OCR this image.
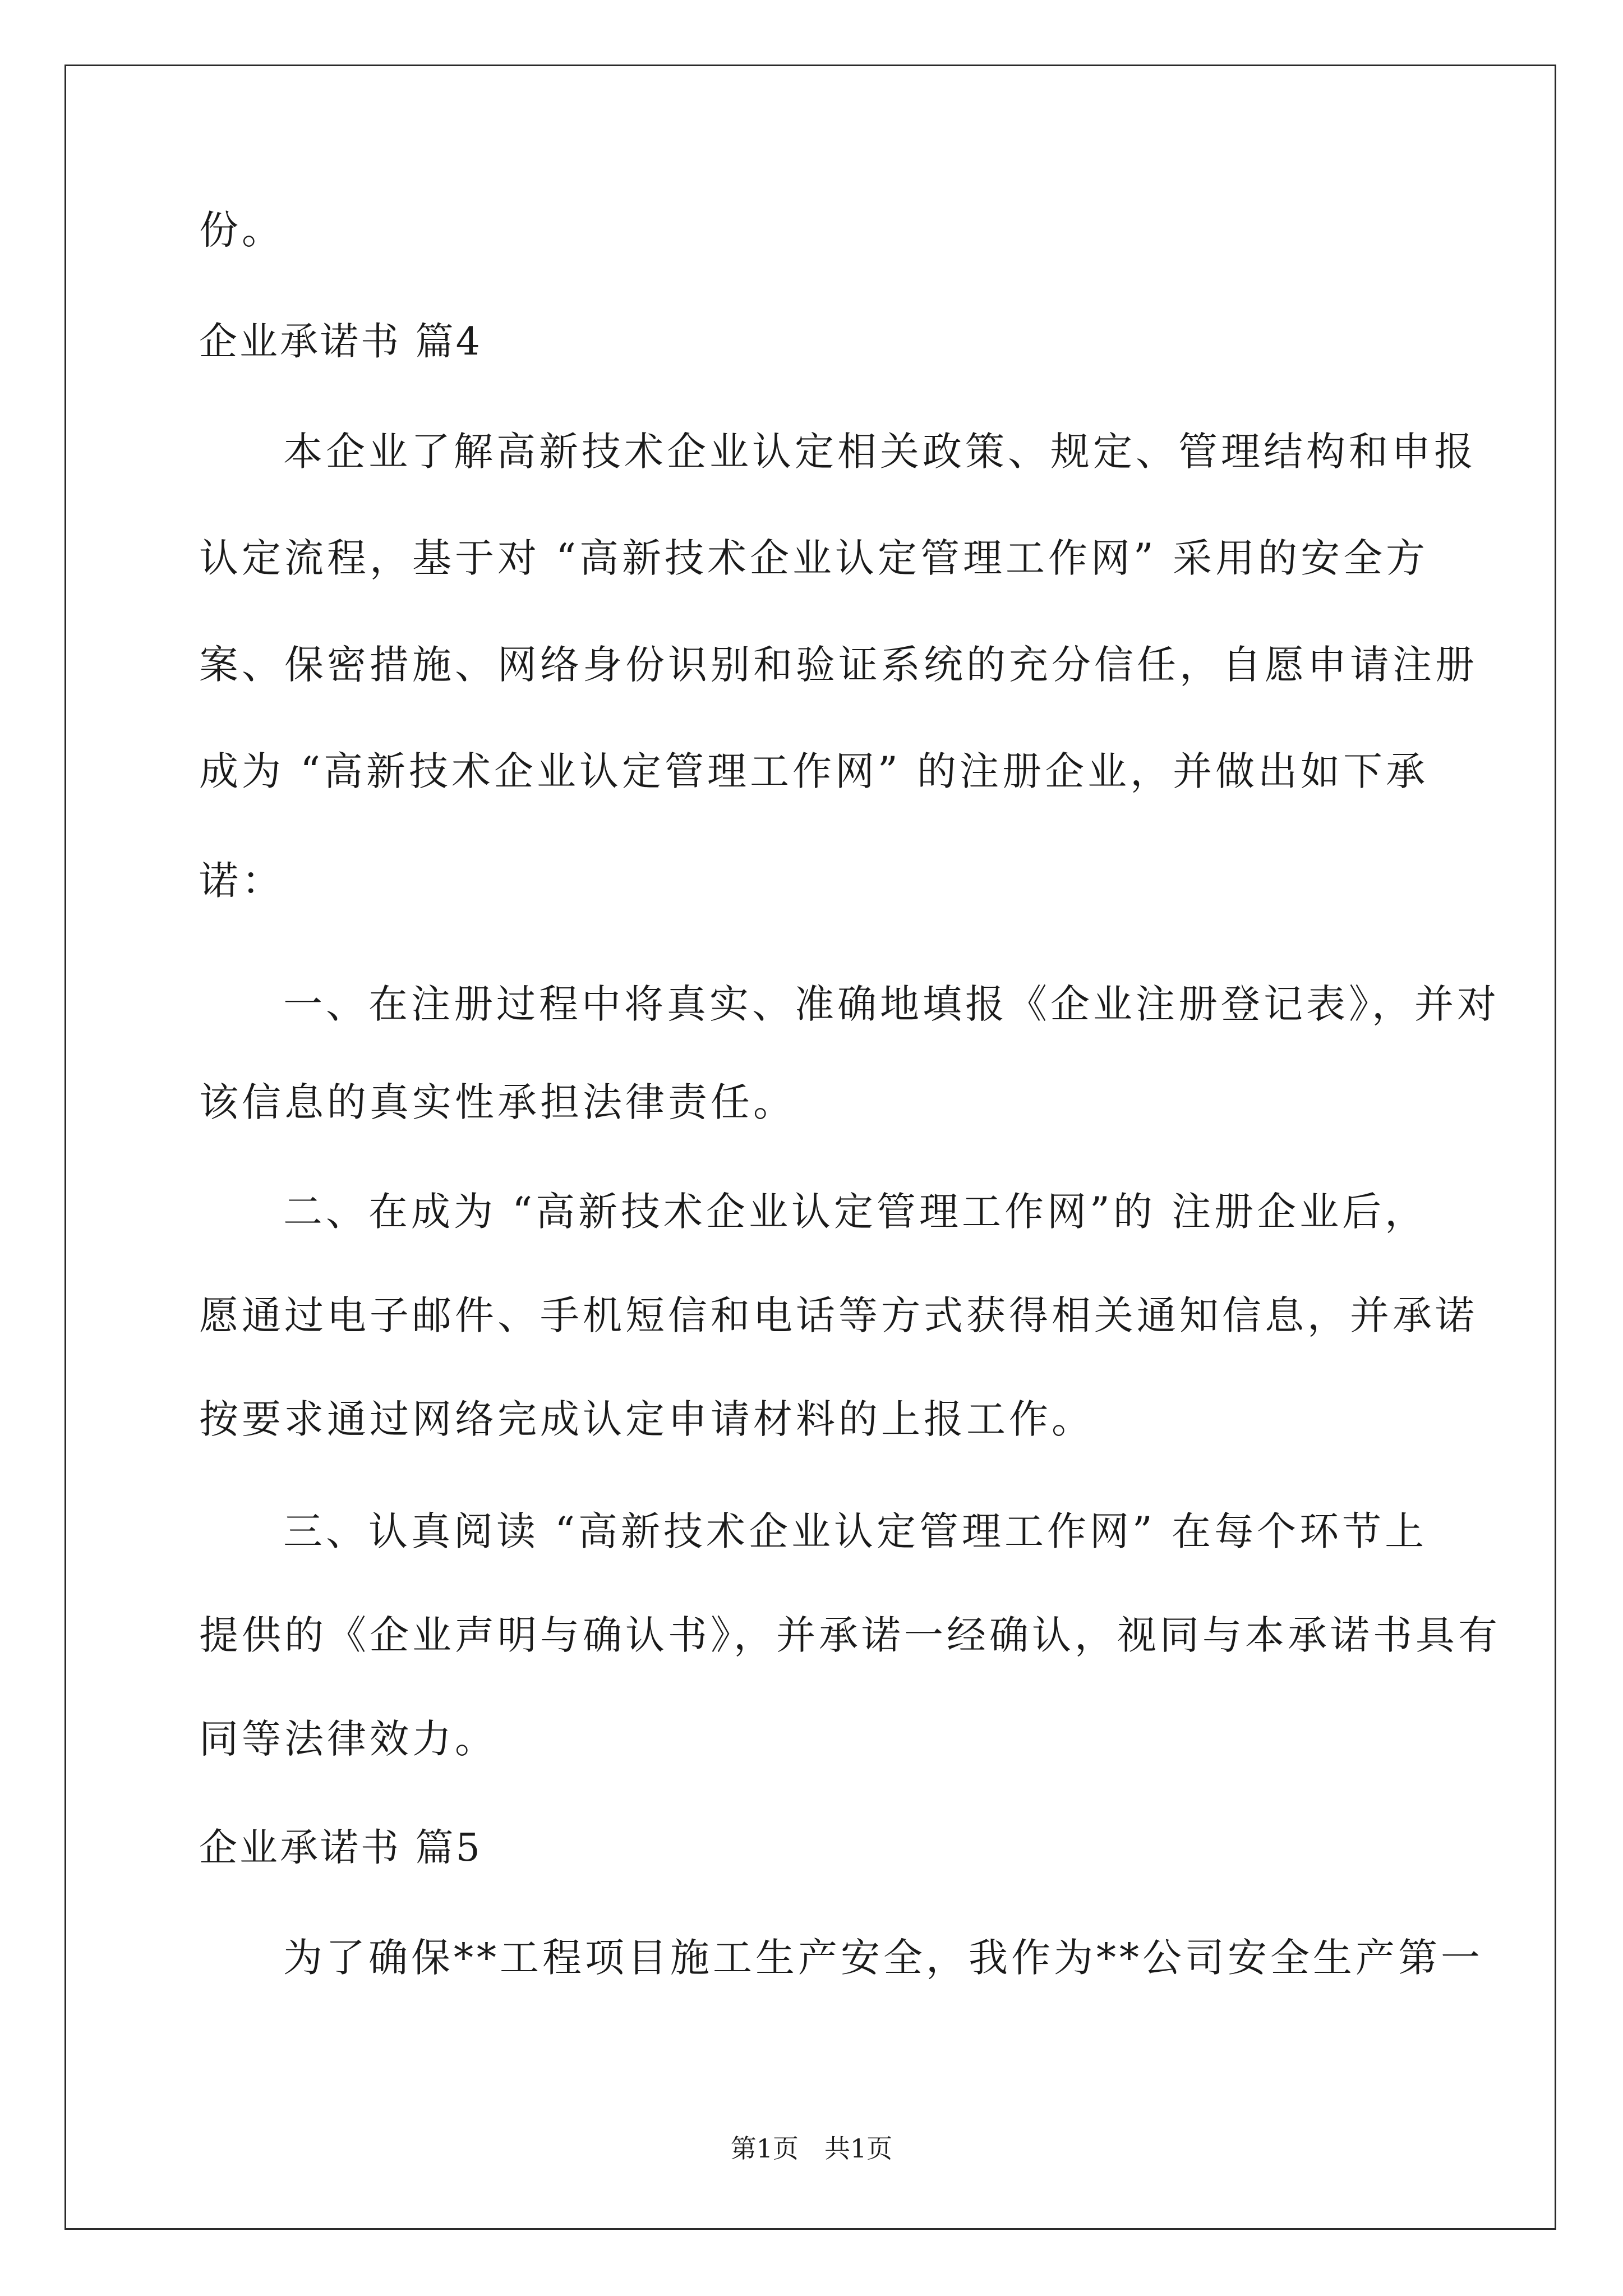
份。
企业承诺书 篇4
本企业了解高新技术企业认定相关政策、规定、管理结构和申报
认定流程，基于对 “高新技术企业认定管理工作网” 采用的安全方
案、保密措施、网络身份识别和验证系统的充分信任，自愿申请注册
成为 “高新技术企业认定管理工作网” 的注册企业，并做出如下承
诺：
一、在注册过程中将真实、准确地填报《企业注册登记表》，并对
该信息的真实性承担法律责任。
二、在成为 “高新技术企业认定管理工作网”的 注册企业后，
愿通过电子邮件、手机短信和电话等方式获得相关通知信息，并承诺
按要求通过网络完成认定申请材料的上报工作。
三、认真阅读 “高新技术企业认定管理工作网” 在每个环节上
提供的《企业声明与确认书》，并承诺一经确认，视同与本承诺书具有
同等法律效力。
企业承诺书 篇5
为了确保**工程项目施工生产安全，我作为**公司安全生产第一
第1页　共1页
